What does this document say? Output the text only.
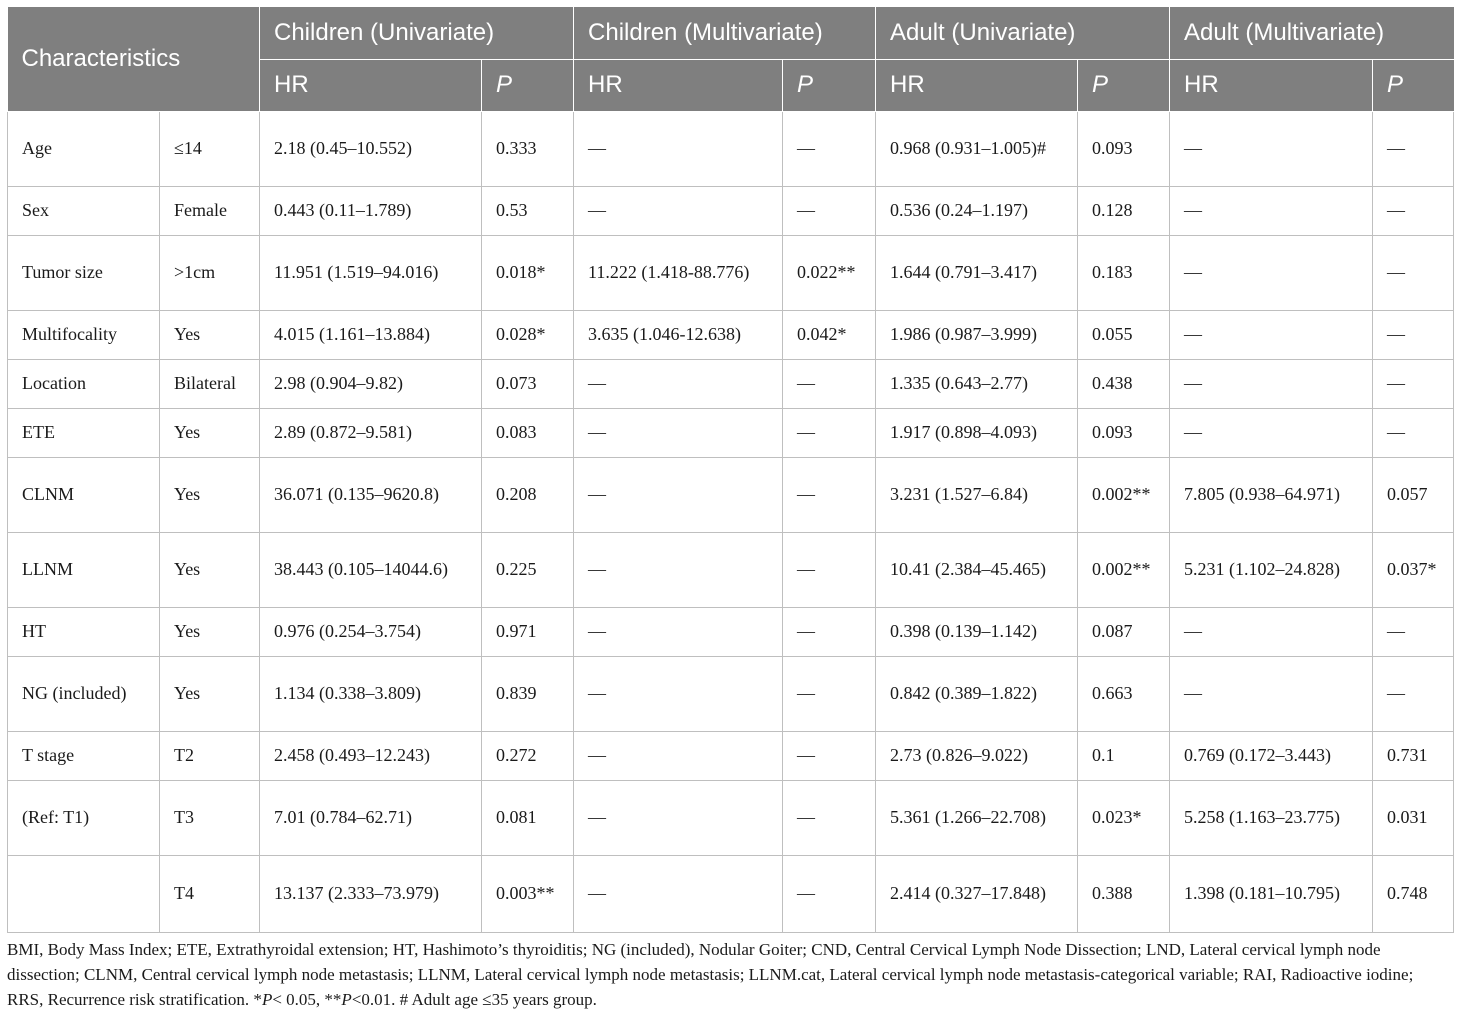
Characteristics		Children (Univariate)		Children (Multivariate)		Adult (Univariate)		Adult (Multivariate)	
		HR	P	HR	P	HR	P	HR	P
Age	≤14	2.18 (0.45–10.552)	0.333	—	—	0.968 (0.931–1.005)#	0.093	—	—
Sex	Female	0.443 (0.11–1.789)	0.53	—	—	0.536 (0.24–1.197)	0.128	—	—
Tumor size	>1cm	11.951 (1.519–94.016)	0.018*	11.222 (1.418-88.776)	0.022**	1.644 (0.791–3.417)	0.183	—	—
Multifocality	Yes	4.015 (1.161–13.884)	0.028*	3.635 (1.046-12.638)	0.042*	1.986 (0.987–3.999)	0.055	—	—
Location	Bilateral	2.98 (0.904–9.82)	0.073	—	—	1.335 (0.643–2.77)	0.438	—	—
ETE	Yes	2.89 (0.872–9.581)	0.083	—	—	1.917 (0.898–4.093)	0.093	—	—
CLNM	Yes	36.071 (0.135–9620.8)	0.208	—	—	3.231 (1.527–6.84)	0.002**	7.805 (0.938–64.971)	0.057
LLNM	Yes	38.443 (0.105–14044.6)	0.225	—	—	10.41 (2.384–45.465)	0.002**	5.231 (1.102–24.828)	0.037*
HT	Yes	0.976 (0.254–3.754)	0.971	—	—	0.398 (0.139–1.142)	0.087	—	—
NG (included)	Yes	1.134 (0.338–3.809)	0.839	—	—	0.842 (0.389–1.822)	0.663	—	—
T stage	T2	2.458 (0.493–12.243)	0.272	—	—	2.73 (0.826–9.022)	0.1	0.769 (0.172–3.443)	0.731
(Ref: T1)	T3	7.01 (0.784–62.71)	0.081	—	—	5.361 (1.266–22.708)	0.023*	5.258 (1.163–23.775)	0.031
	T4	13.137 (2.333–73.979)	0.003**	—	—	2.414 (0.327–17.848)	0.388	1.398 (0.181–10.795)	0.748
BMI, Body Mass Index; ETE, Extrathyroidal extension; HT, Hashimoto’s thyroiditis; NG (included), Nodular Goiter; CND, Central Cervical Lymph Node Dissection; LND, Lateral cervical lymph node dissection; CLNM, Central cervical lymph node metastasis; LLNM, Lateral cervical lymph node metastasis; LLNM.cat, Lateral cervical lymph node metastasis-categorical variable; RAI, Radioactive iodine; RRS, Recurrence risk stratification. *P< 0.05, **P<0.01. # Adult age ≤35 years group.
